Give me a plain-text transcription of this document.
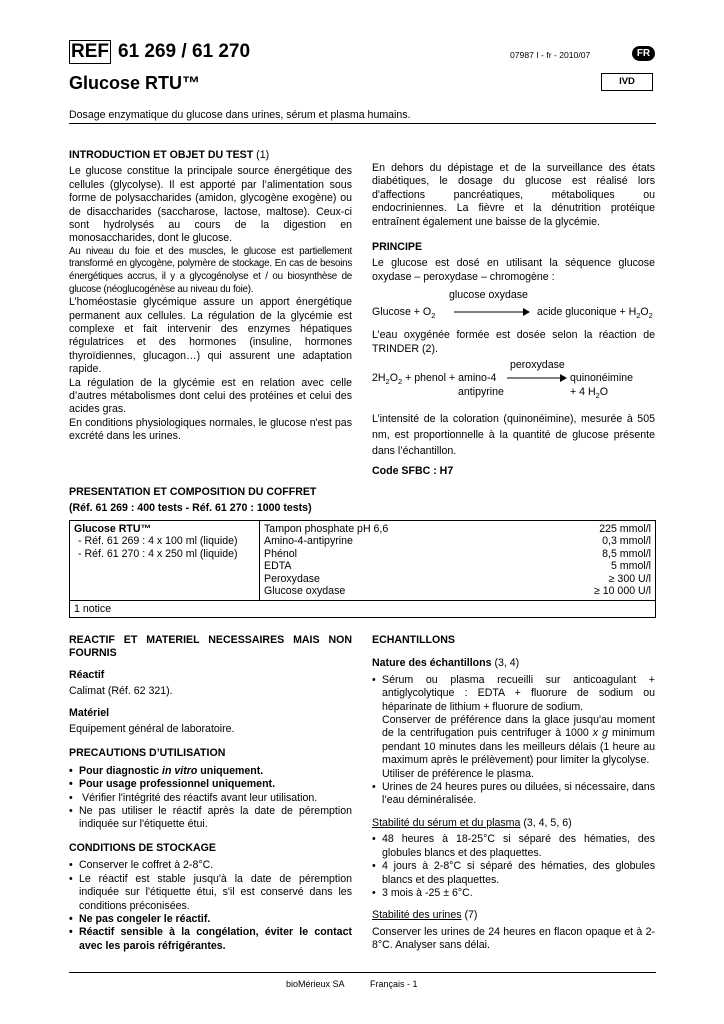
REF 61 269 / 61 270	07987 I - fr - 2010/07	FR
Glucose RTU™	IVD
Dosage enzymatique du glucose dans urines, sérum et plasma humains.
INTRODUCTION ET OBJET DU TEST (1)
Le glucose constitue la principale source énergétique des cellules (glycolyse). Il est apporté par l’alimentation sous forme de polysaccharides (amidon, glycogène exogène) ou de disaccharides (saccharose, lactose, maltose). Ceux-ci sont hydrolysés au cours de la digestion en monosaccharides, dont le glucose.
Au niveau du foie et des muscles, le glucose est partiellement transformé en glycogène, polymère de stockage. En cas de besoins énergétiques accrus, il y a glycogénolyse et / ou biosynthèse de glucose (néoglucogénèse au niveau du foie).
L’homéostasie glycémique assure un apport énergétique permanent aux cellules. La régulation de la glycémie est complexe et fait intervenir des enzymes hépatiques régulatrices et des hormones (insuline, hormones thyroïdiennes, glucagon…) qui assurent une adaptation rapide.
La régulation de la glycémie est en relation avec celle d’autres métabolismes dont celui des protéines et celui des acides gras.
En conditions physiologiques normales, le glucose n'est pas excrété dans les urines.
En dehors du dépistage et de la surveillance des états diabétiques, le dosage du glucose est réalisé lors d'affections pancréatiques, métaboliques ou endocriniennes. La fièvre et la dénutrition protéique entraînent également une baisse de la glycémie.
PRINCIPE
Le glucose est dosé en utilisant la séquence glucose oxydase – peroxydase – chromogène :
glucose oxydase
$Glucose + O_2$	acide gluconique + $H_2O_2$
L’eau oxygénée formée est dosée selon la réaction de TRINDER (2).
peroxydase
$2H_2O_2$ + phenol + amino-4
antipyrine
quinonéimine
+ 4 $H_2O$
L’intensité de la coloration (quinonéimine), mesurée à 505 nm, est proportionnelle à la quantité de glucose présente dans l’échantillon.
Code SFBC : H7
PRESENTATION ET COMPOSITION DU COFFRET
(Réf. 61 269 : 400 tests - Réf. 61 270 : 1000 tests)
Glucose RTU™
- Réf. 61 269 : 4 x 100 ml (liquide)
- Réf. 61 270 : 4 x 250 ml (liquide)

Tampon phosphate pH 6,6	225 mmol/l
Amino-4-antipyrine	0,3 mmol/l
Phénol	8,5 mmol/l
EDTA	5 mmol/l
Peroxydase	≥ 300 U/l
Glucose oxydase	≥ 10 000 U/l

1 notice
REACTIF ET MATERIEL NECESSAIRES MAIS NON FOURNIS
Réactif
Calimat (Réf. 62 321).
Matériel
Equipement général de laboratoire.
PRECAUTIONS D’UTILISATION
• Pour diagnostic in vitro uniquement.
• Pour usage professionnel uniquement.
• Vérifier l'intégrité des réactifs avant leur utilisation.
• Ne pas utiliser le réactif après la date de péremption indiquée sur l'étiquette étui.
CONDITIONS DE STOCKAGE
• Conserver le coffret à 2-8°C.
• Le réactif est stable jusqu'à la date de péremption indiquée sur l'étiquette étui, s'il est conservé dans les conditions préconisées.
• Ne pas congeler le réactif.
• Réactif sensible à la congélation, éviter le contact avec les parois réfrigérantes.
ECHANTILLONS
Nature des échantillons (3, 4)
• Sérum ou plasma recueilli sur anticoagulant + antiglycolytique : EDTA + fluorure de sodium ou héparinate de lithium + fluorure de sodium.
Conserver de préférence dans la glace jusqu'au moment de la centrifugation puis centrifuger à 1000 x g minimum pendant 10 minutes dans les meilleurs délais (1 heure au maximum après le prélèvement) pour limiter la glycolyse.
Utiliser de préférence le plasma.
• Urines de 24 heures pures ou diluées, si nécessaire, dans l’eau déminéralisée.
Stabilité du sérum et du plasma (3, 4, 5, 6)
• 48 heures à 18-25°C si séparé des hématies, des globules blancs et des plaquettes.
• 4 jours à 2-8°C si séparé des hématies, des globules blancs et des plaquettes.
• 3 mois à -25 ± 6°C.
Stabilité des urines (7)
Conserver les urines de 24 heures en flacon opaque et à 2-8°C. Analyser sans délai.
bioMérieux SA	Français - 1
